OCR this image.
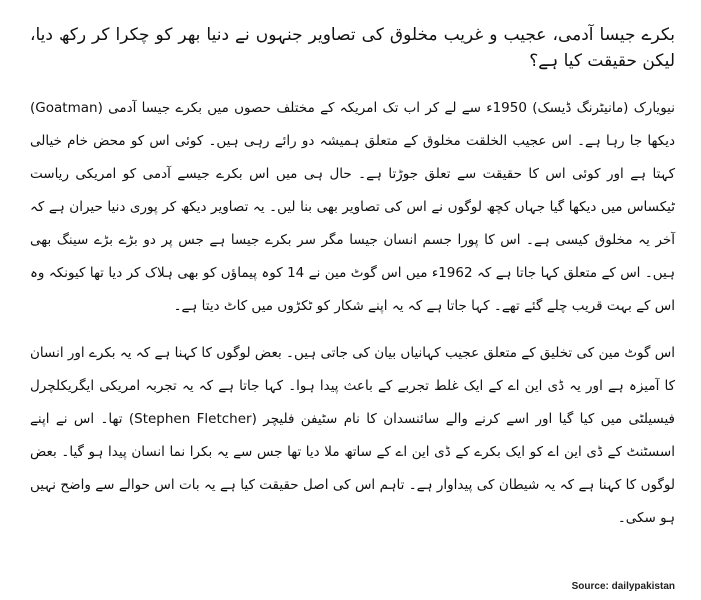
بکرے جیسا آدمی، عجیب و غریب مخلوق کی تصاویر جنہوں نے دنیا بھر کو چکرا کر رکھ دیا، لیکن حقیقت کیا ہے؟

نیویارک (مانیٹرنگ ڈیسک) 1950ء سے لے کر اب تک امریکہ کے مختلف حصوں میں بکرے جیسا آدمی (Goatman) دیکھا جا رہا ہے۔ اس عجیب الخلقت مخلوق کے متعلق ہمیشہ دو رائے رہی ہیں۔ کوئی اس کو محض خام خیالی کہتا ہے اور کوئی اس کا حقیقت سے تعلق جوڑتا ہے۔ حال ہی میں اس بکرے جیسے آدمی کو امریکی ریاست ٹیکساس میں دیکھا گیا جہاں کچھ لوگوں نے اس کی تصاویر بھی بنا لیں۔ یہ تصاویر دیکھ کر پوری دنیا حیران ہے کہ آخر یہ مخلوق کیسی ہے۔ اس کا پورا جسم انسان جیسا مگر سر بکرے جیسا ہے جس پر دو بڑے بڑے سینگ بھی ہیں۔ اس کے متعلق کہا جاتا ہے کہ 1962ء میں اس گوٹ مین نے 14 کوہ پیماؤں کو بھی ہلاک کر دیا تھا کیونکہ وہ اس کے بہت قریب چلے گئے تھے۔ کہا جاتا ہے کہ یہ اپنے شکار کو ٹکڑوں میں کاٹ دیتا ہے۔

اس گوٹ مین کی تخلیق کے متعلق عجیب کہانیاں بیان کی جاتی ہیں۔ بعض لوگوں کا کہنا ہے کہ یہ بکرے اور انسان کا آمیزہ ہے اور یہ ڈی این اے کے ایک غلط تجربے کے باعث پیدا ہوا۔ کہا جاتا ہے کہ یہ تجربہ امریکی ایگریکلچرل فیسیلٹی میں کیا گیا اور اسے کرنے والے سائنسدان کا نام سٹیفن فلیچر (Stephen Fletcher) تھا۔ اس نے اپنے اسسٹنٹ کے ڈی این اے کو ایک بکرے کے ڈی این اے کے ساتھ ملا دیا تھا جس سے یہ بکرا نما انسان پیدا ہو گیا۔ بعض لوگوں کا کہنا ہے کہ یہ شیطان کی پیداوار ہے۔ تاہم اس کی اصل حقیقت کیا ہے یہ بات اس حوالے سے واضح نہیں ہو سکی۔

Source: dailypakistan
